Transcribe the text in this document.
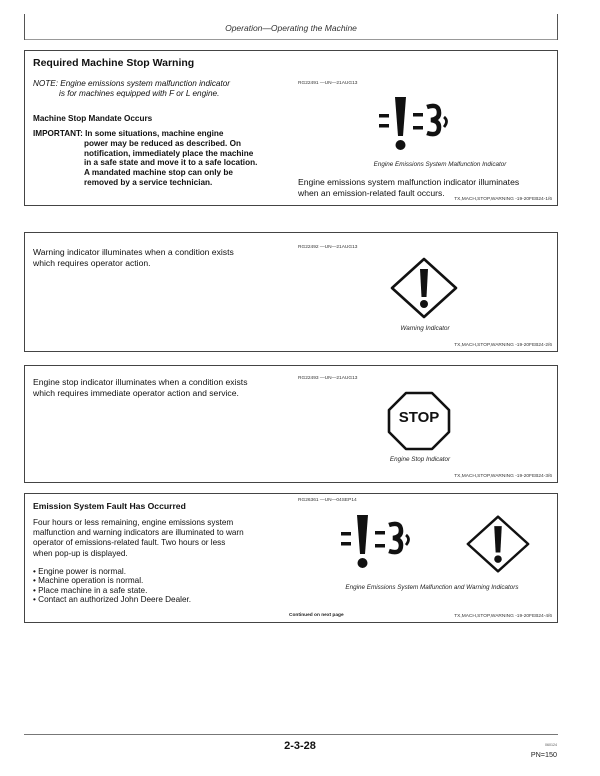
Operation—Operating the Machine
Required Machine Stop Warning
NOTE: Engine emissions system malfunction indicator
is for machines equipped with F or L engine.
Machine Stop Mandate Occurs
IMPORTANT: In some situations, machine engine
power may be reduced as described. On
notification, immediately place the machine
in a safe state and move it to a safe location.
A mandated machine stop can only be
removed by a service technician.
RG22491 —UN—21AUG13
Engine Emissions System Malfunction Indicator
Engine emissions system malfunction indicator illuminates
when an emission-related fault occurs.
TX,MACH,STOP,WARNING -19-20FEB24-1/6
Warning indicator illuminates when a condition exists
which requires operator action.
RG22492 —UN—21AUG13
Warning Indicator
TX,MACH,STOP,WARNING -19-20FEB24-2/6
Engine stop indicator illuminates when a condition exists
which requires immediate operator action and service.
RG22493 —UN—21AUG13
STOP
Engine Stop Indicator
TX,MACH,STOP,WARNING -19-20FEB24-3/6
Emission System Fault Has Occurred
Four hours or less remaining, engine emissions system
malfunction and warning indicators are illuminated to warn
operator of emissions-related fault. Two hours or less
when pop-up is displayed.
• Engine power is normal.
• Machine operation is normal.
• Place machine in a safe state.
• Contact an authorized John Deere Dealer.
RG26361 —UN—04SEP14
Engine Emissions System Malfunction and Warning Indicators
Continued on next page	TX,MACH,STOP,WARNING -19-20FEB24-4/6
2-3-28	060124
PN=150
